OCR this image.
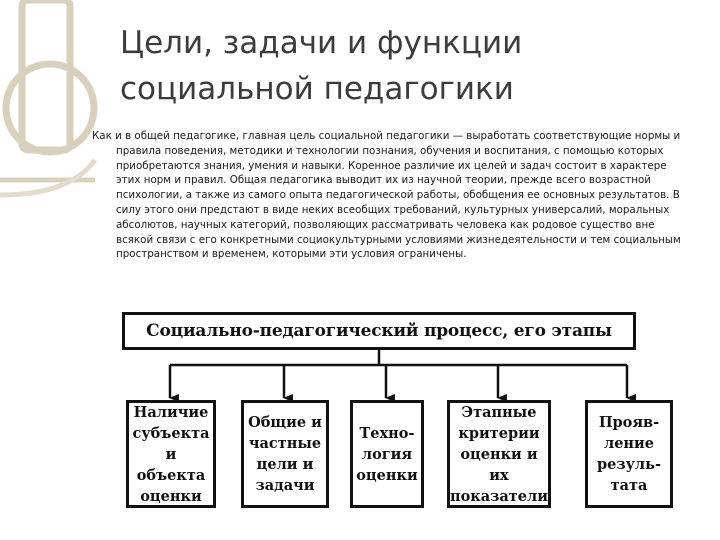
Цели, задачи и функции
социальной педагогики

Как и в общей педагогике, главная цель социальной педагогики — выработать соответствующие нормы и правила поведения, методики и технологии познания, обучения и воспитания, с помощью которых приобретаются знания, умения и навыки. Коренное различие их целей и задач состоит в характере этих норм и правил. Общая педагогика выводит их из научной теории, прежде всего возрастной психологии, а также из самого опыта педагогической работы, обобщения ее основных результатов. В силу этого они предстают в виде неких всеобщих требований, культурных универсалий, моральных абсолютов, научных категорий, позволяющих рассматривать человека как родовое существо вне всякой связи с его конкретными социокультурными условиями жизнедеятельности и тем социальным пространством и временем, которыми эти условия ограничены.

Социально-педагогический процесс, его этапы
Наличие
субъекта и
объекта
оценки
Общие и
частные
цели и
задачи
Техно-
логия
оценки
Этапные
критерии
оценки и их
показатели
Прояв-
ление
резуль-
тата
